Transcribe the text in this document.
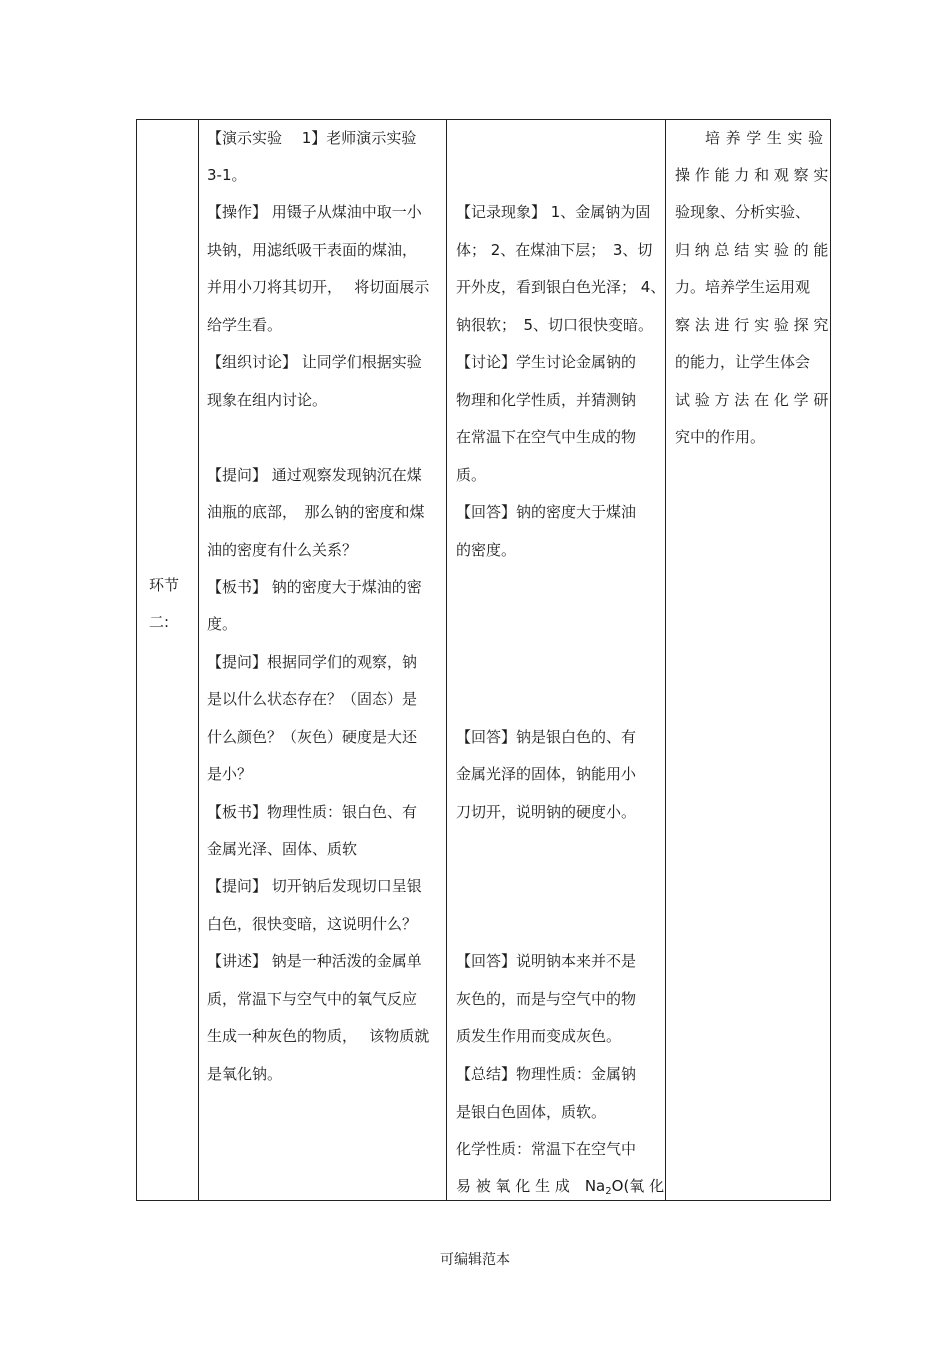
环节
二:
【演示实验　 1】老师演示实验
3-1。
【操作】 用镊子从煤油中取一小
块钠，用滤纸吸干表面的煤油，
并用小刀将其切开，　 将切面展示
给学生看。
【组织讨论】 让同学们根据实验
现象在组内讨论。
【提问】 通过观察发现钠沉在煤
油瓶的底部，　那么钠的密度和煤
油的密度有什么关系？
【板书】 钠的密度大于煤油的密
度。
【提问】根据同学们的观察，钠
是以什么状态存在？（固态）是
什么颜色？（灰色）硬度是大还
是小？
【板书】物理性质：银白色、有
金属光泽、固体、质软
【提问】 切开钠后发现切口呈银
白色，很快变暗，这说明什么？
【讲述】 钠是一种活泼的金属单
质，常温下与空气中的氧气反应
生成一种灰色的物质，　 该物质就
是氧化钠。
【记录现象】 1、金属钠为固
体； 2、在煤油下层；　3、切
开外皮，看到银白色光泽； 4、
钠很软；　5、切口很快变暗。
【讨论】学生讨论金属钠的
物理和化学性质，并猜测钠
在常温下在空气中生成的物
质。
【回答】钠的密度大于煤油
的密度。
【回答】钠是银白色的、有
金属光泽的固体，钠能用小
刀切开，说明钠的硬度小。
【回答】说明钠本来并不是
灰色的，而是与空气中的物
质发生作用而变成灰色。
【总结】物理性质：金属钠
是银白色固体，质软。
化学性质：常温下在空气中
易 被 氧 化 生 成　$Na_2O$(氧 化
培 养 学 生 实 验
操 作 能 力 和 观 察 实
验现象、分析实验、
归 纳 总 结 实 验 的 能
力。培养学生运用观
察 法 进 行 实 验 探 究
的能力，让学生体会
试 验 方 法 在 化 学 研
究中的作用。
可编辑范本
